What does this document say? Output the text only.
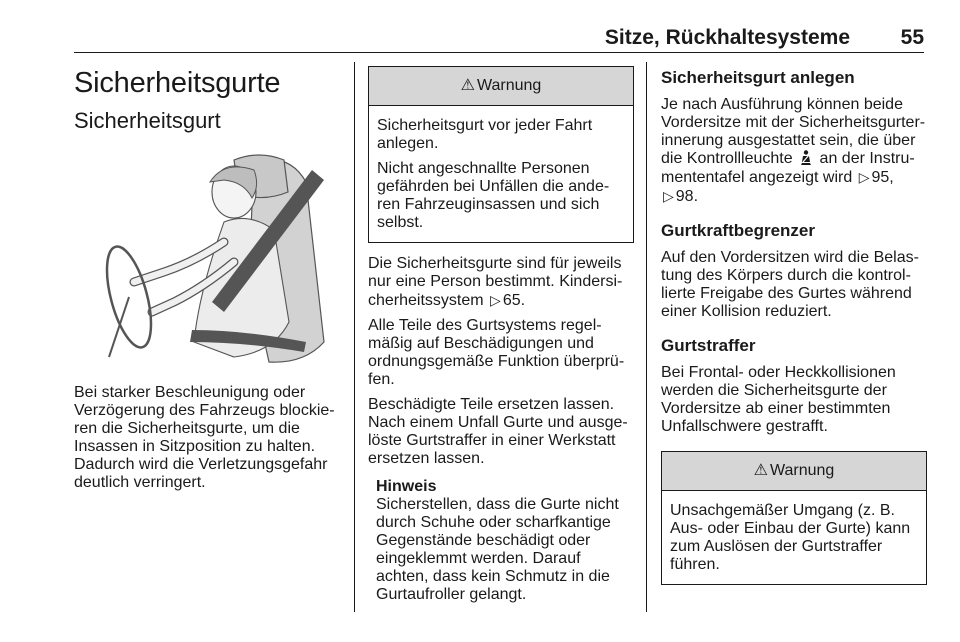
Sitze, Rückhaltesysteme 55
Sicherheitsgurte
Sicherheitsgurt

Bei starker Beschleunigung oder Verzögerung des Fahrzeugs blockie-ren die Sicherheitsgurte, um die Insassen in Sitzposition zu halten. Dadurch wird die Verletzungsgefahr deutlich verringert.

⚠ Warnung

Sicherheitsgurt vor jeder Fahrt anlegen.

Nicht angeschnallte Personen gefährden bei Unfällen die ande-ren Fahrzeuginsassen und sich selbst.

Die Sicherheitsgurte sind für jeweils nur eine Person bestimmt. Kindersi-cherheitssystem ▷ 65.

Alle Teile des Gurtsystems regel-mäßig auf Beschädigungen und ordnungsgemäße Funktion überprü-fen.

Beschädigte Teile ersetzen lassen. Nach einem Unfall Gurte und ausge-löste Gurtstraffer in einer Werkstatt ersetzen lassen.

Hinweis
Sicherstellen, dass die Gurte nicht durch Schuhe oder scharfkantige Gegenstände beschädigt oder eingeklemmt werden. Darauf achten, dass kein Schmutz in die Gurtaufroller gelangt.
Sicherheitsgurt anlegen

Je nach Ausführung können beide Vordersitze mit der Sicherheitsgurter-innerung ausgestattet sein, die über die Kontrollleuchte an der Instru-mententafel angezeigt wird ▷ 95,
▷ 98.

Gurtkraftbegrenzer

Auf den Vordersitzen wird die Belas-tung des Körpers durch die kontrol-lierte Freigabe des Gurtes während einer Kollision reduziert.

Gurtstraffer

Bei Frontal- oder Heckkollisionen werden die Sicherheitsgurte der Vordersitze ab einer bestimmten Unfallschwere gestrafft.

⚠ Warnung

Unsachgemäßer Umgang (z. B. Aus- oder Einbau der Gurte) kann zum Auslösen der Gurtstraffer führen.
